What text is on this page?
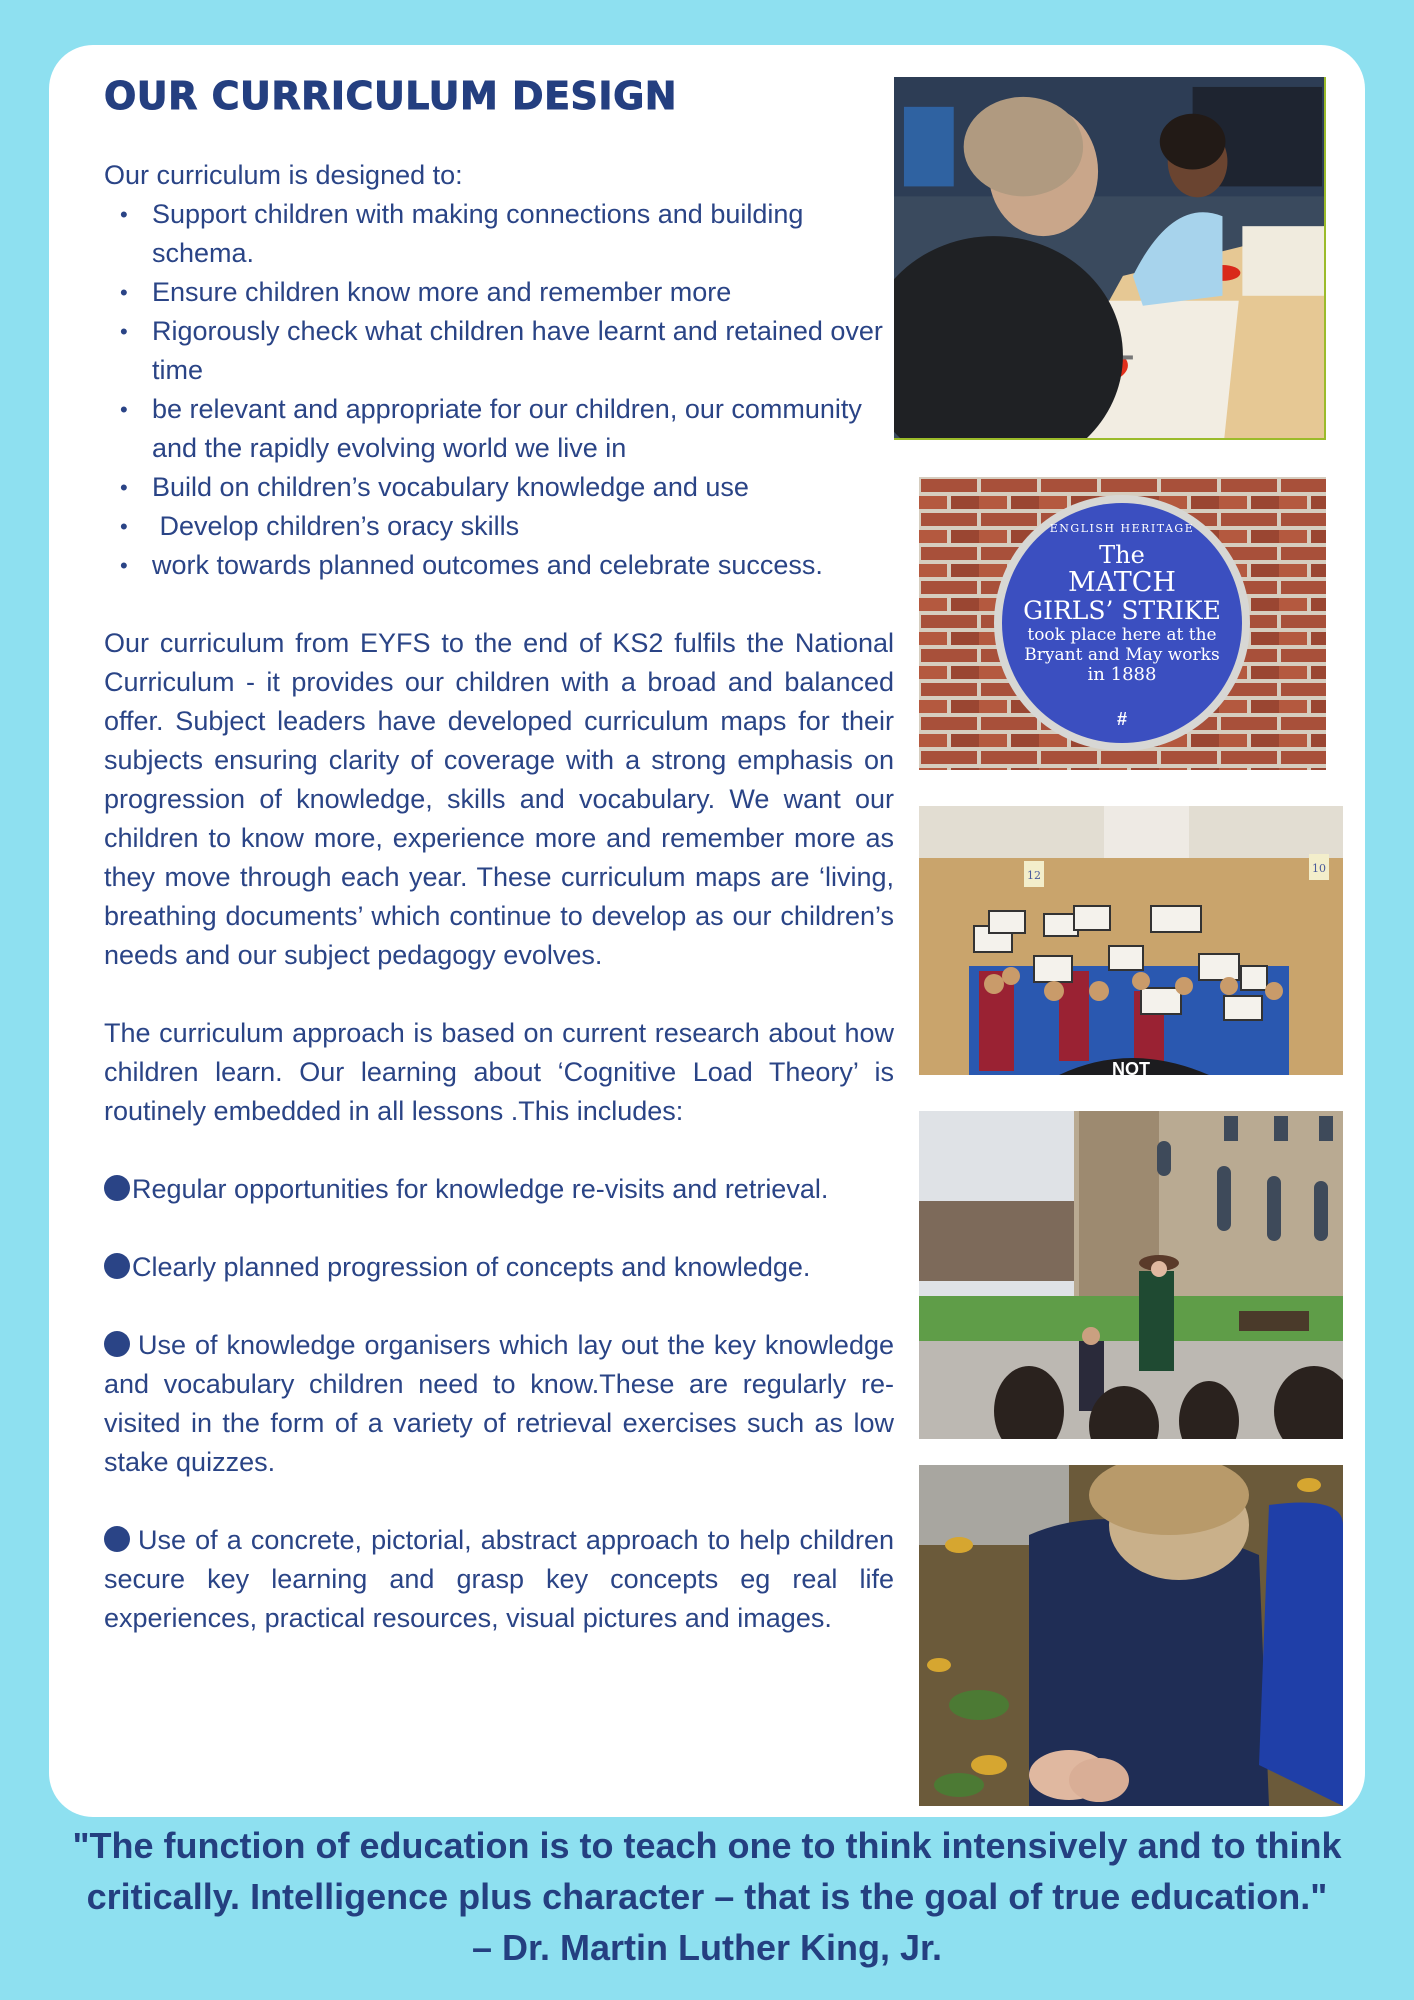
OUR CURRICULUM DESIGN

Our curriculum is designed to:

• Support children with making connections and building schema.
• Ensure children know more and remember more
• Rigorously check what children have learnt and retained over time
• be relevant and appropriate for our children, our community and the rapidly evolving world we live in
• Build on children’s vocabulary knowledge and use
• Develop children’s oracy skills
• work towards planned outcomes and celebrate success.

Our curriculum from EYFS to the end of KS2 fulfils the National Curriculum - it provides our children with a broad and balanced offer. Subject leaders have developed curriculum maps for their subjects ensuring clarity of coverage with a strong emphasis on progression of knowledge, skills and vocabulary. We want our children to know more, experience more and remember more as they move through each year. These curriculum maps are ‘living, breathing documents’ which continue to develop as our children’s needs and our subject pedagogy evolves.

The curriculum approach is based on current research about how children learn. Our learning about ‘Cognitive Load Theory’ is routinely embedded in all lessons .This includes:

Regular opportunities for knowledge re-visits and retrieval.

Clearly planned progression of concepts and knowledge.

Use of knowledge organisers which lay out the key knowledge and vocabulary children need to know.These are regularly re-visited in the form of a variety of retrieval exercises such as low stake quizzes.

Use of a concrete, pictorial, abstract approach to help children secure key learning and grasp key concepts eg real life experiences, practical resources, visual pictures and images.

ENGLISH HERITAGE
The
MATCH
GIRLS’ STRIKE
took place here at the
Bryant and May works
in 1888
#
12
10
NOT
"The function of education is to teach one to think intensively and to think
critically. Intelligence plus character – that is the goal of true education."
– Dr. Martin Luther King, Jr.
